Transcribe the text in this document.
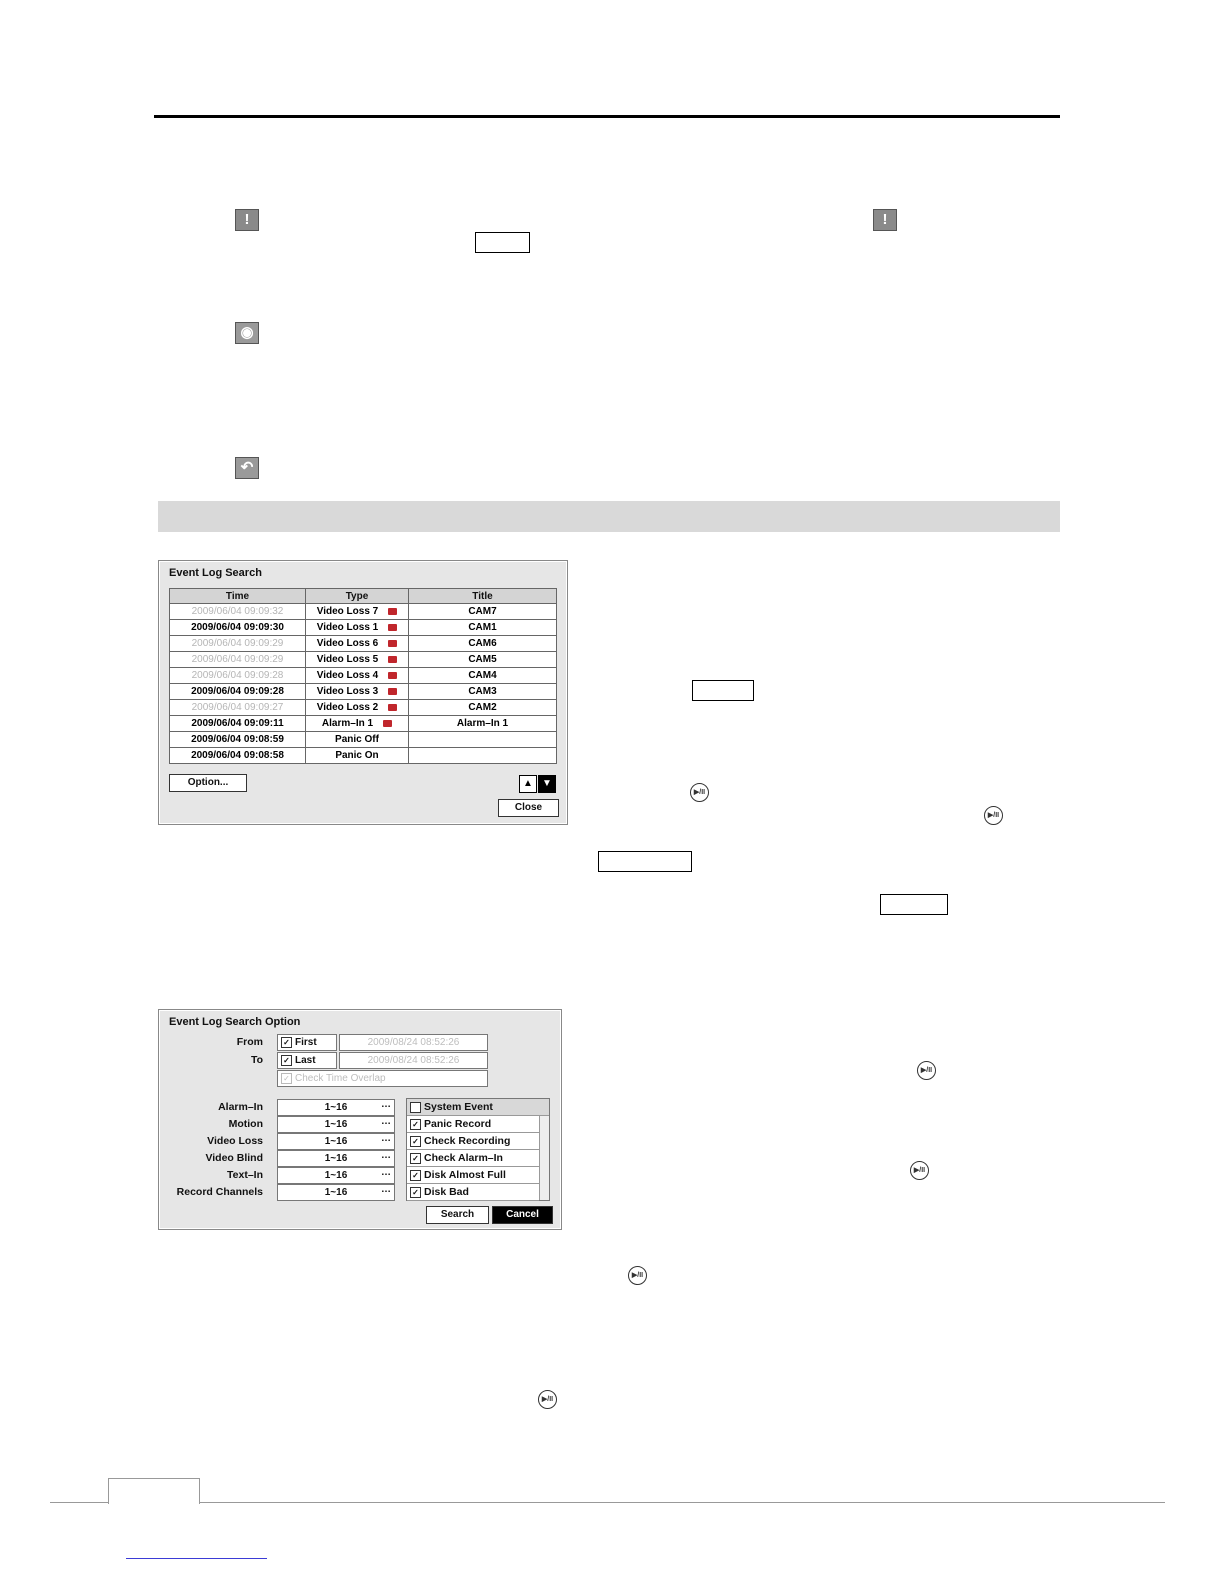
!	!
◉
↶
Event Log Search
Time	Type	Title
2009/06/04 09:09:32	Video Loss 7	CAM7
2009/06/04 09:09:30	Video Loss 1	CAM1
2009/06/04 09:09:29	Video Loss 6	CAM6
2009/06/04 09:09:29	Video Loss 5	CAM5
2009/06/04 09:09:28	Video Loss 4	CAM4
2009/06/04 09:09:28	Video Loss 3	CAM3
2009/06/04 09:09:27	Video Loss 2	CAM2
2009/06/04 09:09:11	Alarm–In 1	Alarm–In 1
2009/06/04 09:08:59	Panic Off	
2009/06/04 09:08:58	Panic On	
Option...	▲ ▼
Close
▶/II
▶/II
Event Log Search Option
From	✓ First	2009/08/24 08:52:26
To	✓ Last	2009/08/24 08:52:26
✓ Check Time Overlap
Alarm–In	1~16	…
Motion	1~16	…
Video Loss	1~16	…
Video Blind	1~16	…
Text–In	1~16	…
Record Channels	1~16	…
System Event
✓ Panic Record
✓ Check Recording
✓ Check Alarm–In
✓ Disk Almost Full
✓ Disk Bad
Search	Cancel
▶/II
▶/II
▶/II
▶/II
